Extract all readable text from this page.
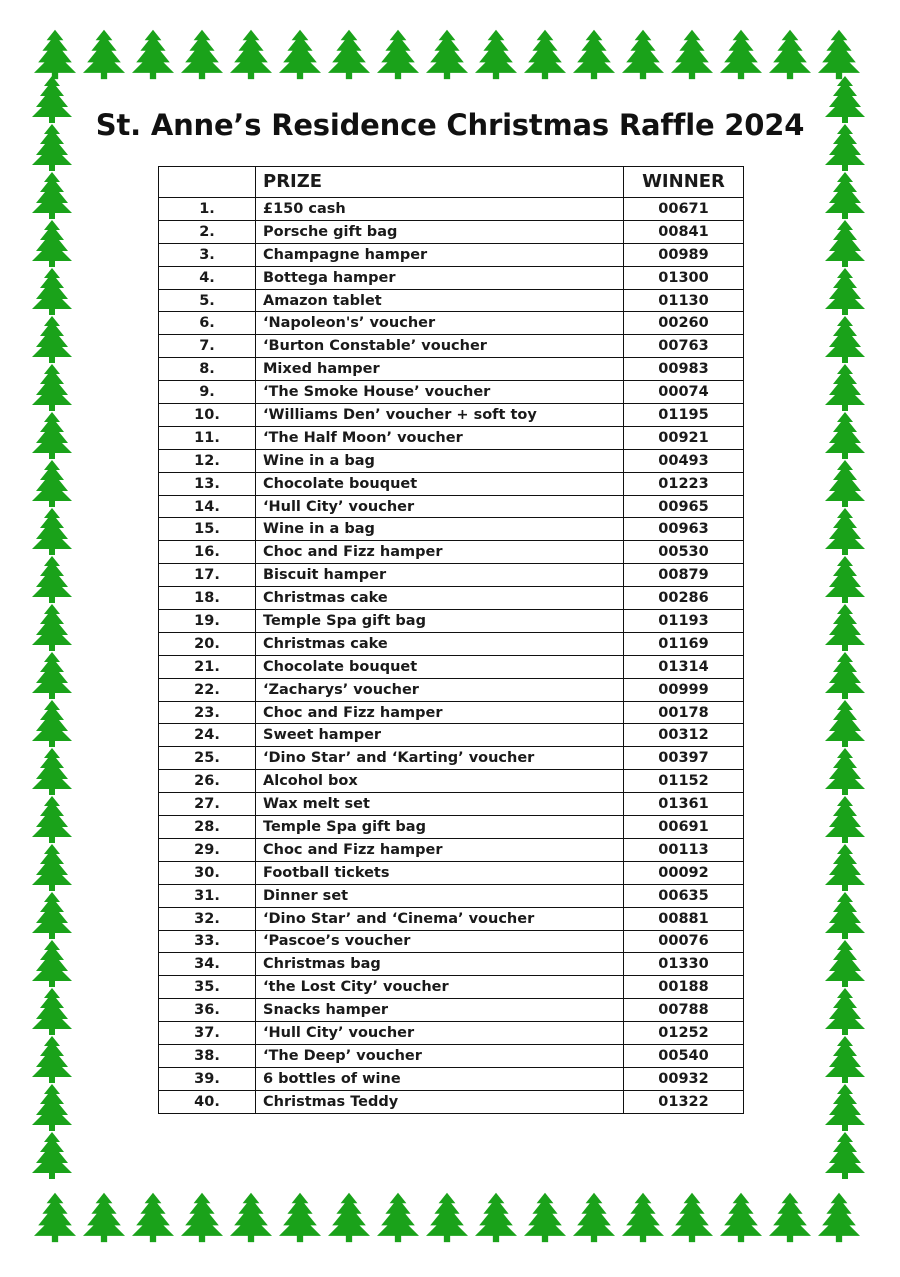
St. Anne’s Residence Christmas Raffle 2024
	PRIZE	WINNER
1.	£150 cash	00671
2.	Porsche gift bag	00841
3.	Champagne hamper	00989
4.	Bottega hamper	01300
5.	Amazon tablet	01130
6.	‘Napoleon's’ voucher	00260
7.	‘Burton Constable’ voucher	00763
8.	Mixed hamper	00983
9.	‘The Smoke House’ voucher	00074
10.	‘Williams Den’ voucher + soft toy	01195
11.	‘The Half Moon’ voucher	00921
12.	Wine in a bag	00493
13.	Chocolate bouquet	01223
14.	‘Hull City’ voucher	00965
15.	Wine in a bag	00963
16.	Choc and Fizz hamper	00530
17.	Biscuit hamper	00879
18.	Christmas cake	00286
19.	Temple Spa gift bag	01193
20.	Christmas cake	01169
21.	Chocolate bouquet	01314
22.	‘Zacharys’ voucher	00999
23.	Choc and Fizz hamper	00178
24.	Sweet hamper	00312
25.	‘Dino Star’ and ‘Karting’ voucher	00397
26.	Alcohol box	01152
27.	Wax melt set	01361
28.	Temple Spa gift bag	00691
29.	Choc and Fizz hamper	00113
30.	Football tickets	00092
31.	Dinner set	00635
32.	‘Dino Star’ and ‘Cinema’ voucher	00881
33.	‘Pascoe’s voucher	00076
34.	Christmas bag	01330
35.	‘the Lost City’ voucher	00188
36.	Snacks hamper	00788
37.	‘Hull City’ voucher	01252
38.	‘The Deep’ voucher	00540
39.	6 bottles of wine	00932
40.	Christmas Teddy	01322
